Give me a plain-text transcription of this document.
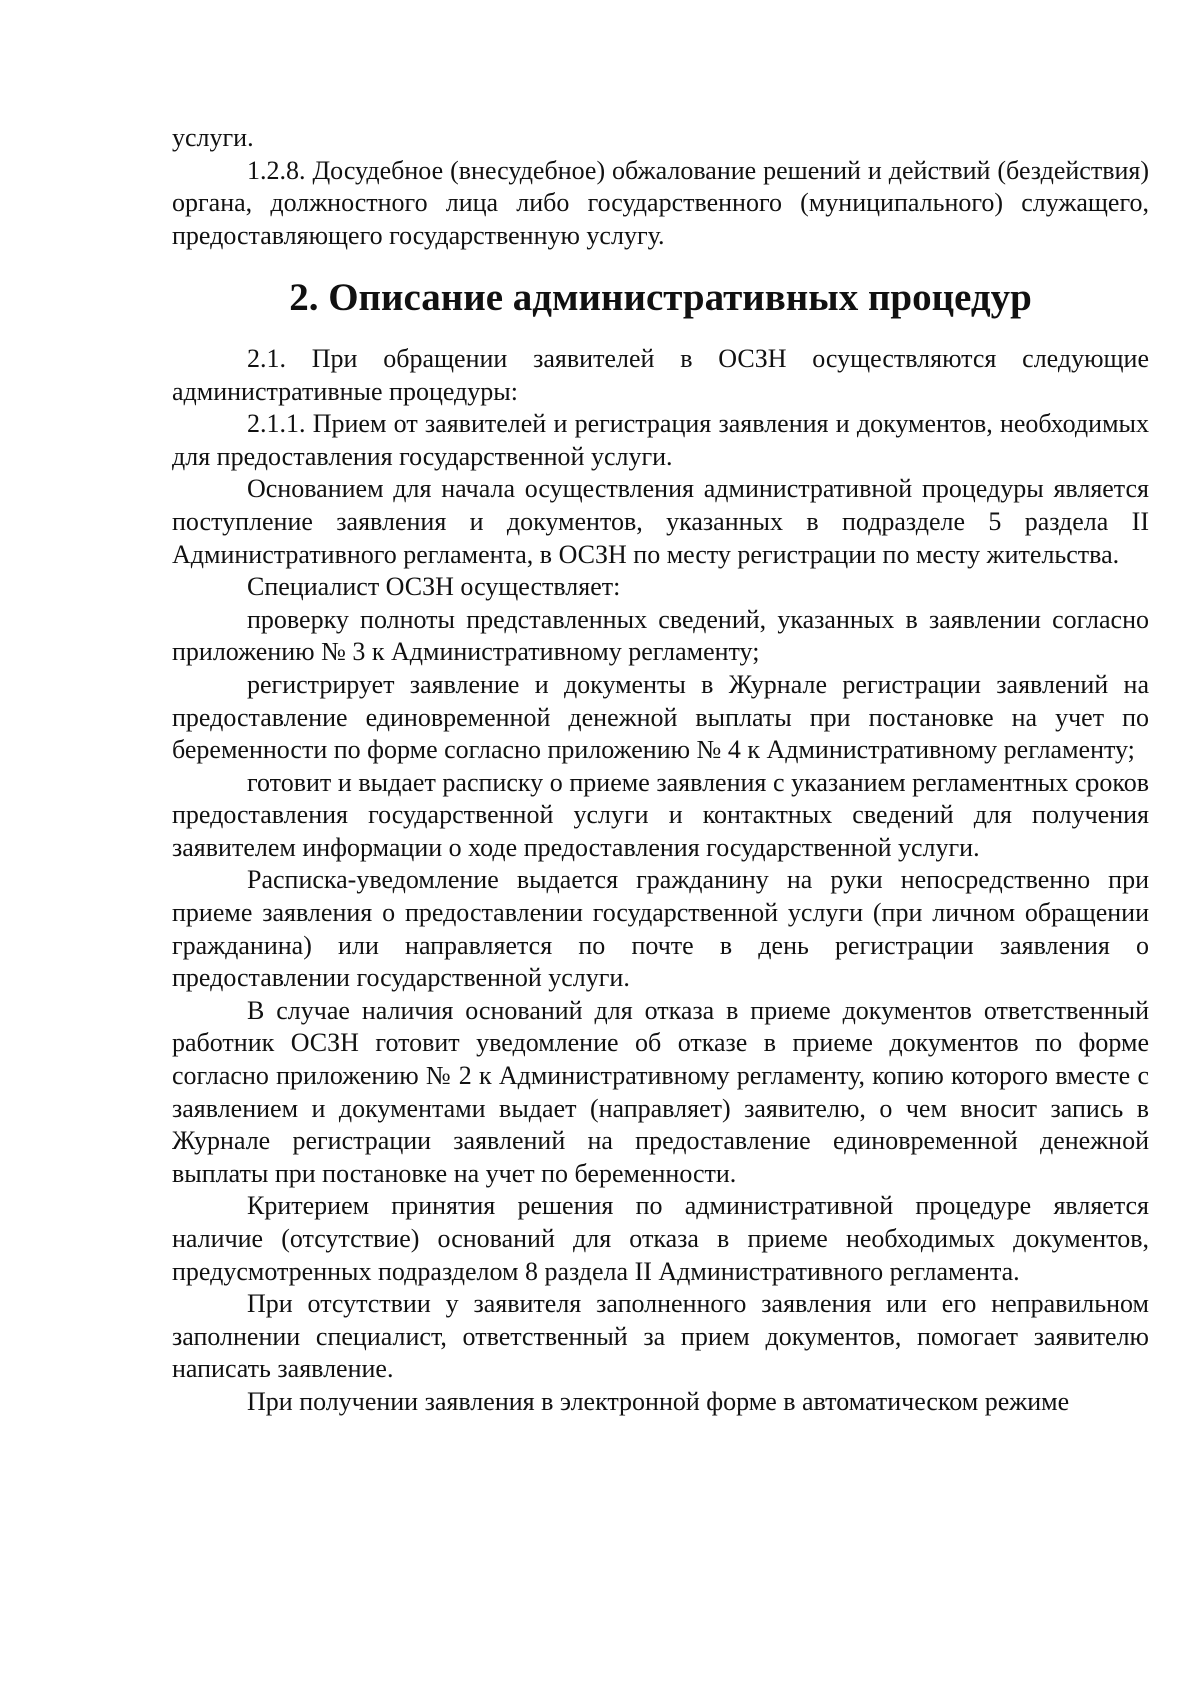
услуги.

1.2.8. Досудебное (внесудебное) обжалование решений и действий (бездействия) органа, должностного лица либо государственного (муниципального) служащего, предоставляющего государственную услугу.

2. Описание административных процедур

2.1. При обращении заявителей в ОСЗН осуществляются следующие административные процедуры:

2.1.1. Прием от заявителей и регистрация заявления и документов, необходимых для предоставления государственной услуги.

Основанием для начала осуществления административной процедуры является поступление заявления и документов, указанных в подразделе 5 раздела II Административного регламента, в ОСЗН по месту регистрации по месту жительства.

Специалист ОСЗН осуществляет:

проверку полноты представленных сведений, указанных в заявлении согласно приложению № 3 к Административному регламенту;

регистрирует заявление и документы в Журнале регистрации заявлений на предоставление единовременной денежной выплаты при постановке на учет по беременности по форме согласно приложению № 4 к Административному регламенту;

готовит и выдает расписку о приеме заявления с указанием регламентных сроков предоставления государственной услуги и контактных сведений для получения заявителем информации о ходе предоставления государственной услуги.

Расписка-уведомление выдается гражданину на руки непосредственно при приеме заявления о предоставлении государственной услуги (при личном обращении гражданина) или направляется по почте в день регистрации заявления о предоставлении государственной услуги.

В случае наличия оснований для отказа в приеме документов ответственный работник ОСЗН готовит уведомление об отказе в приеме документов по форме согласно приложению № 2 к Административному регламенту, копию которого вместе с заявлением и документами выдает (направляет) заявителю, о чем вносит запись в Журнале регистрации заявлений на предоставление единовременной денежной выплаты при постановке на учет по беременности.

Критерием принятия решения по административной процедуре является наличие (отсутствие) оснований для отказа в приеме необходимых документов, предусмотренных подразделом 8 раздела II Административного регламента.

При отсутствии у заявителя заполненного заявления или его неправильном заполнении специалист, ответственный за прием документов, помогает заявителю написать заявление.

При получении заявления в электронной форме в автоматическом режиме
